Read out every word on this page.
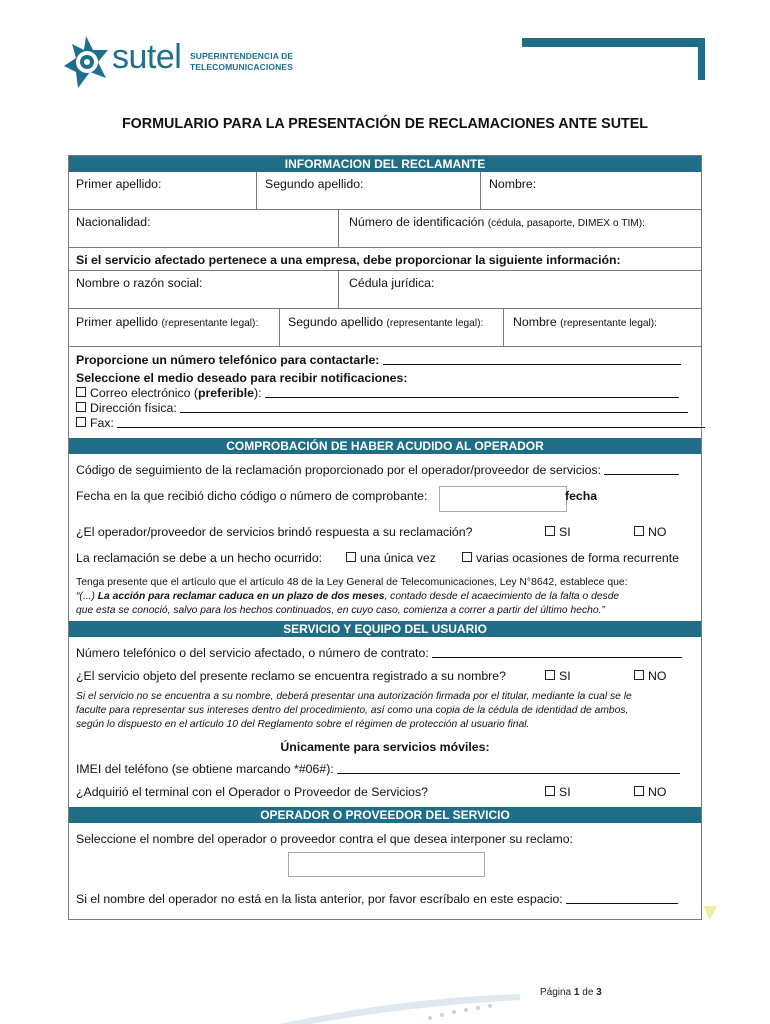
sutel SUPERINTENDENCIA DE
TELECOMUNICACIONES
FORMULARIO PARA LA PRESENTACIÓN DE RECLAMACIONES ANTE SUTEL
INFORMACION DEL RECLAMANTE
Primer apellido:	Segundo apellido:	Nombre:
Nacionalidad:	Número de identificación (cédula, pasaporte, DIMEX o TIM):
Si el servicio afectado pertenece a una empresa, debe proporcionar la siguiente información:
Nombre o razón social:	Cédula jurídica:
Primer apellido (representante legal): Segundo apellido (representante legal): Nombre (representante legal):
Proporcione un número telefónico para contactarle:
Seleccione el medio deseado para recibir notificaciones:
Correo electrónico (preferible):
Dirección física:
Fax:
COMPROBACIÓN DE HABER ACUDIDO AL OPERADOR
Código de seguimiento de la reclamación proporcionado por el operador/proveedor de servicios:
Fecha en la que recibió dicho código o número de comprobante:	fecha
¿El operador/proveedor de servicios brindó respuesta a su reclamación?	SI	NO
La reclamación se debe a un hecho ocurrido:	una única vez	varias ocasiones de forma recurrente
Tenga presente que el artículo que el artículo 48 de la Ley General de Telecomunicaciones, Ley N°8642, establece que:
“(...) La acción para reclamar caduca en un plazo de dos meses, contado desde el acaecimiento de la falta o desde
que esta se conoció, salvo para los hechos continuados, en cuyo caso, comienza a correr a partir del último hecho.”
SERVICIO Y EQUIPO DEL USUARIO
Número telefónico o del servicio afectado, o número de contrato:
¿El servicio objeto del presente reclamo se encuentra registrado a su nombre?	SI	NO
Si el servicio no se encuentra a su nombre, deberá presentar una autorización firmada por el titular, mediante la cual se le
faculte para representar sus intereses dentro del procedimiento, así como una copia de la cédula de identidad de ambos,
según lo dispuesto en el artículo 10 del Reglamento sobre el régimen de protección al usuario final.
Únicamente para servicios móviles:
IMEI del teléfono (se obtiene marcando *#06#):
¿Adquirió el terminal con el Operador o Proveedor de Servicios?	SI	NO
OPERADOR O PROVEEDOR DEL SERVICIO
Seleccione el nombre del operador o proveedor contra el que desea interponer su reclamo:
Si el nombre del operador no está en la lista anterior, por favor escríbalo en este espacio:
Página 1 de 3
